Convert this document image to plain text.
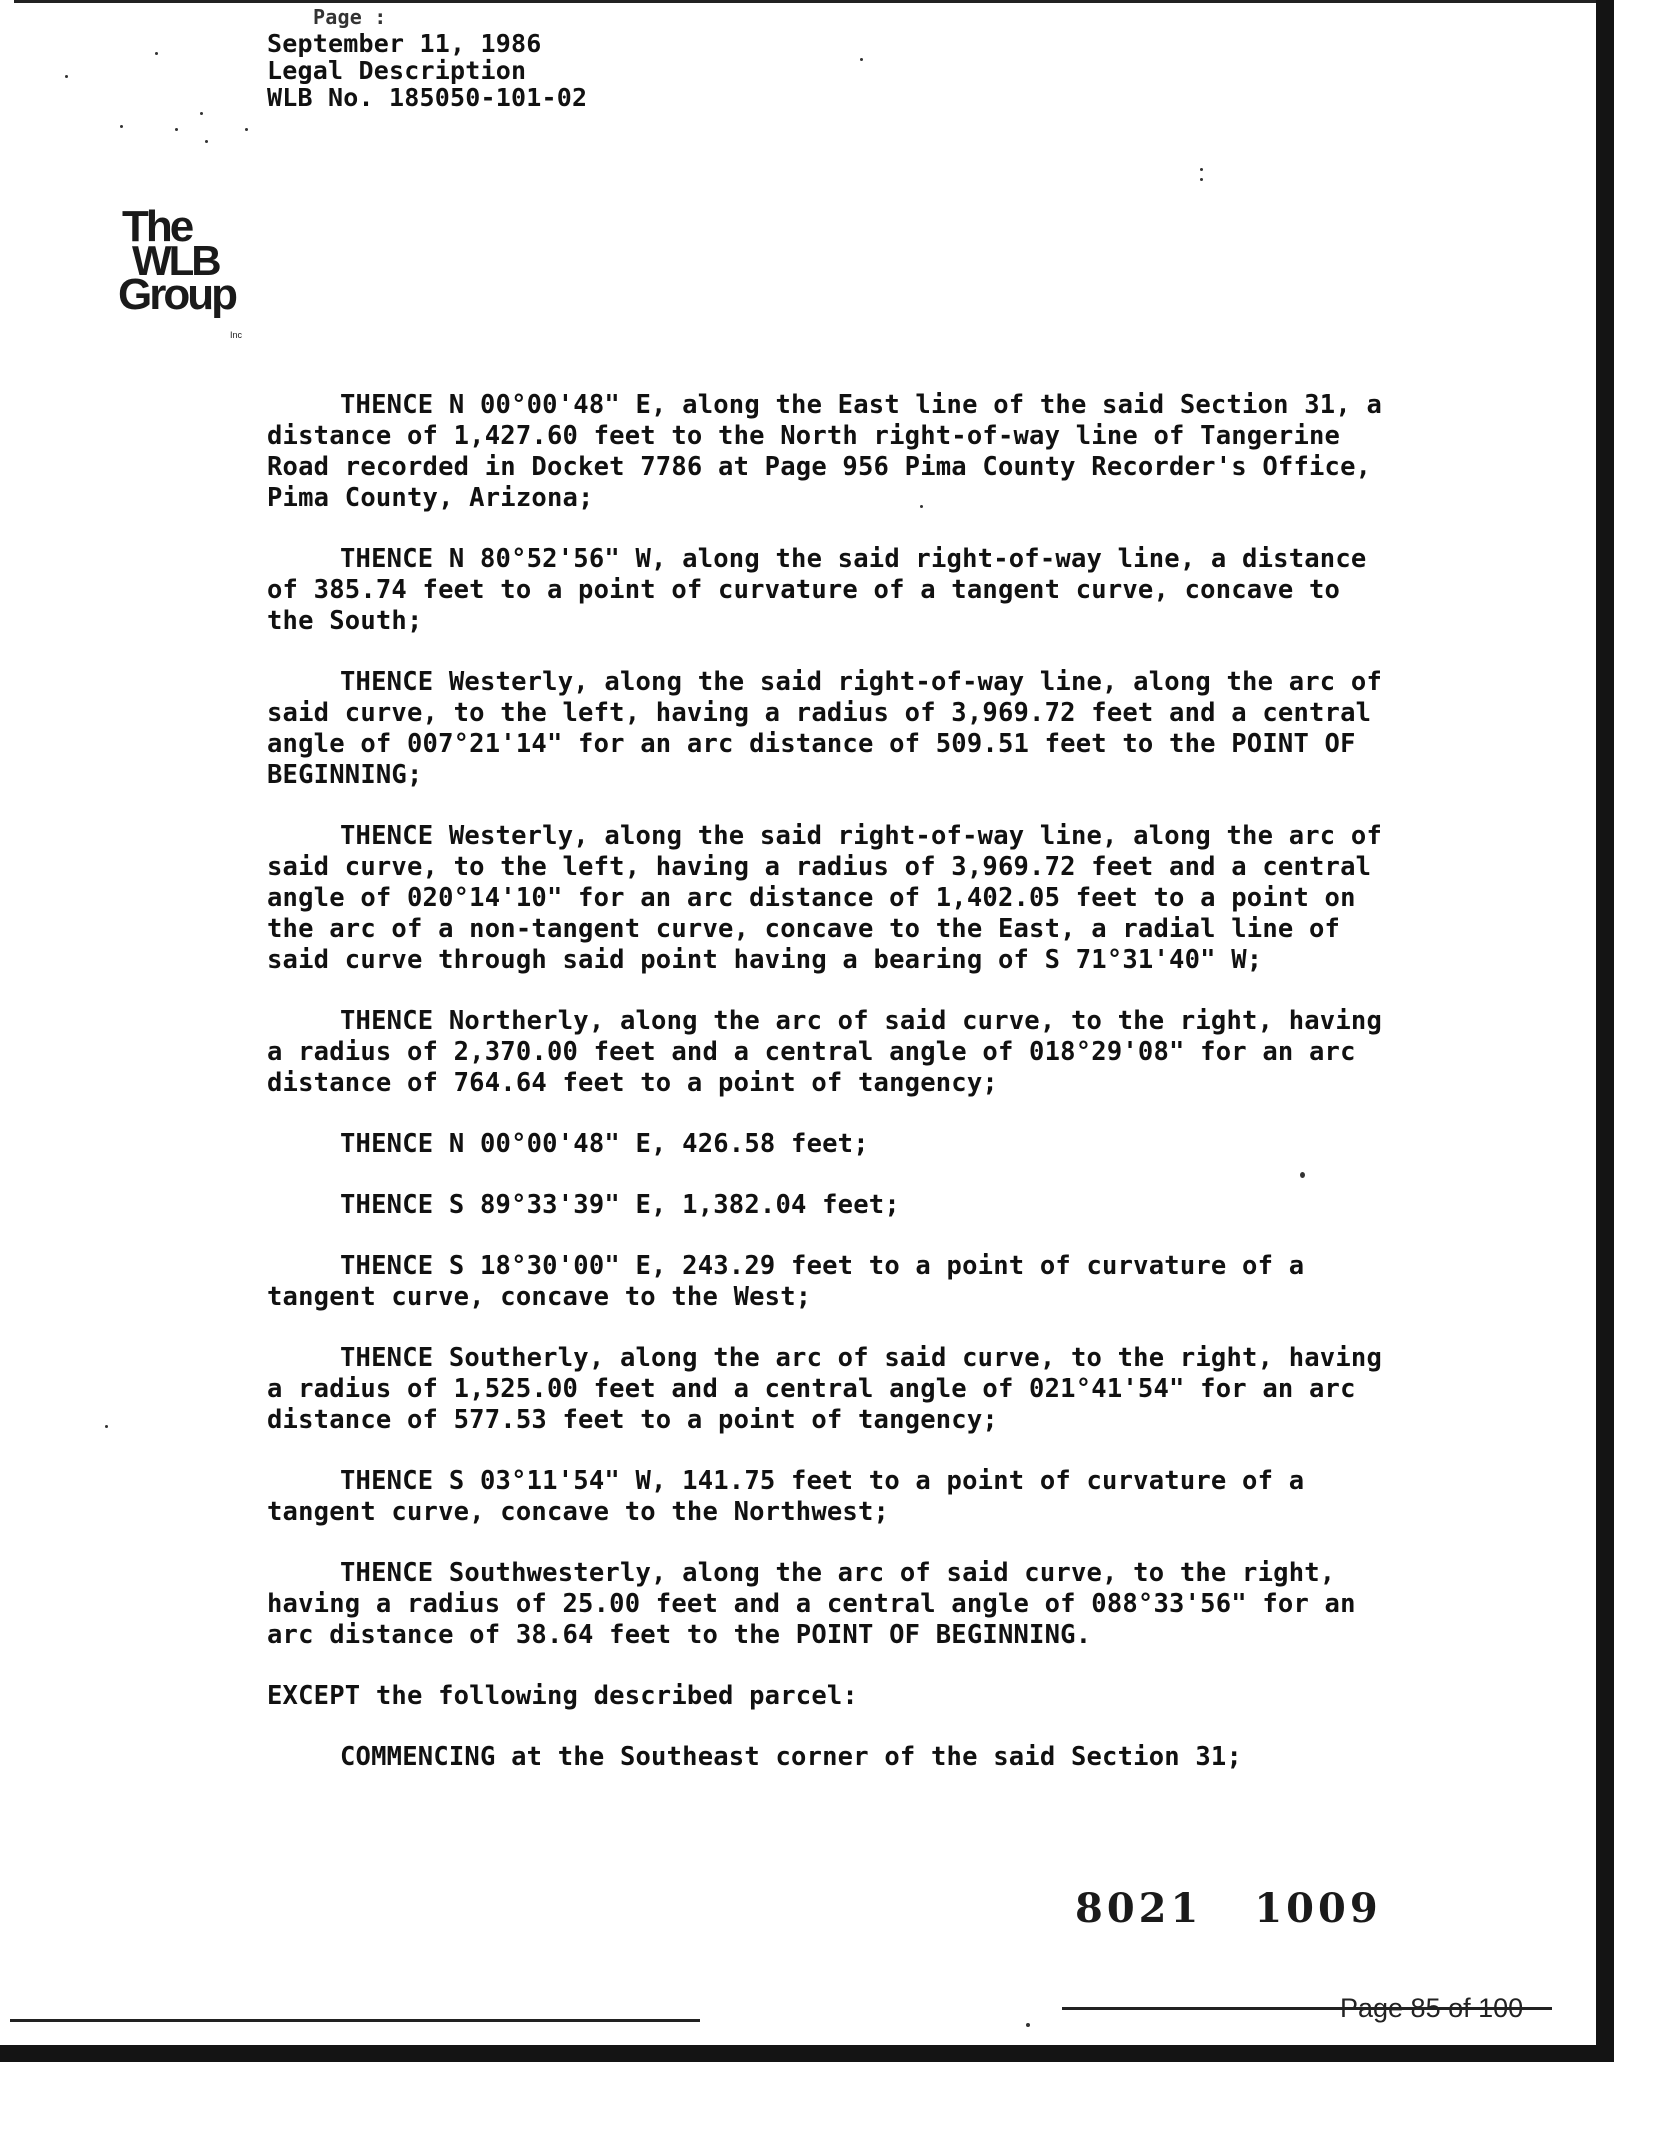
Page :
September 11, 1986
Legal Description
WLB No. 185050-101-02
The
WLB
Group
Inc
THENCE N 00°00'48" E, along the East line of the said Section 31, a
distance of 1,427.60 feet to the North right-of-way line of Tangerine
Road recorded in Docket 7786 at Page 956 Pima County Recorder's Office,
Pima County, Arizona;
THENCE N 80°52'56" W, along the said right-of-way line, a distance
of 385.74 feet to a point of curvature of a tangent curve, concave to
the South;
THENCE Westerly, along the said right-of-way line, along the arc of
said curve, to the left, having a radius of 3,969.72 feet and a central
angle of 007°21'14" for an arc distance of 509.51 feet to the POINT OF
BEGINNING;
THENCE Westerly, along the said right-of-way line, along the arc of
said curve, to the left, having a radius of 3,969.72 feet and a central
angle of 020°14'10" for an arc distance of 1,402.05 feet to a point on
the arc of a non-tangent curve, concave to the East, a radial line of
said curve through said point having a bearing of S 71°31'40" W;
THENCE Northerly, along the arc of said curve, to the right, having
a radius of 2,370.00 feet and a central angle of 018°29'08" for an arc
distance of 764.64 feet to a point of tangency;
THENCE N 00°00'48" E, 426.58 feet;
THENCE S 89°33'39" E, 1,382.04 feet;
THENCE S 18°30'00" E, 243.29 feet to a point of curvature of a
tangent curve, concave to the West;
THENCE Southerly, along the arc of said curve, to the right, having
a radius of 1,525.00 feet and a central angle of 021°41'54" for an arc
distance of 577.53 feet to a point of tangency;
THENCE S 03°11'54" W, 141.75 feet to a point of curvature of a
tangent curve, concave to the Northwest;
THENCE Southwesterly, along the arc of said curve, to the right,
having a radius of 25.00 feet and a central angle of 088°33'56" for an
arc distance of 38.64 feet to the POINT OF BEGINNING.
EXCEPT the following described parcel:
COMMENCING at the Southeast corner of the said Section 31;
8021 1009
Page 85 of 100
